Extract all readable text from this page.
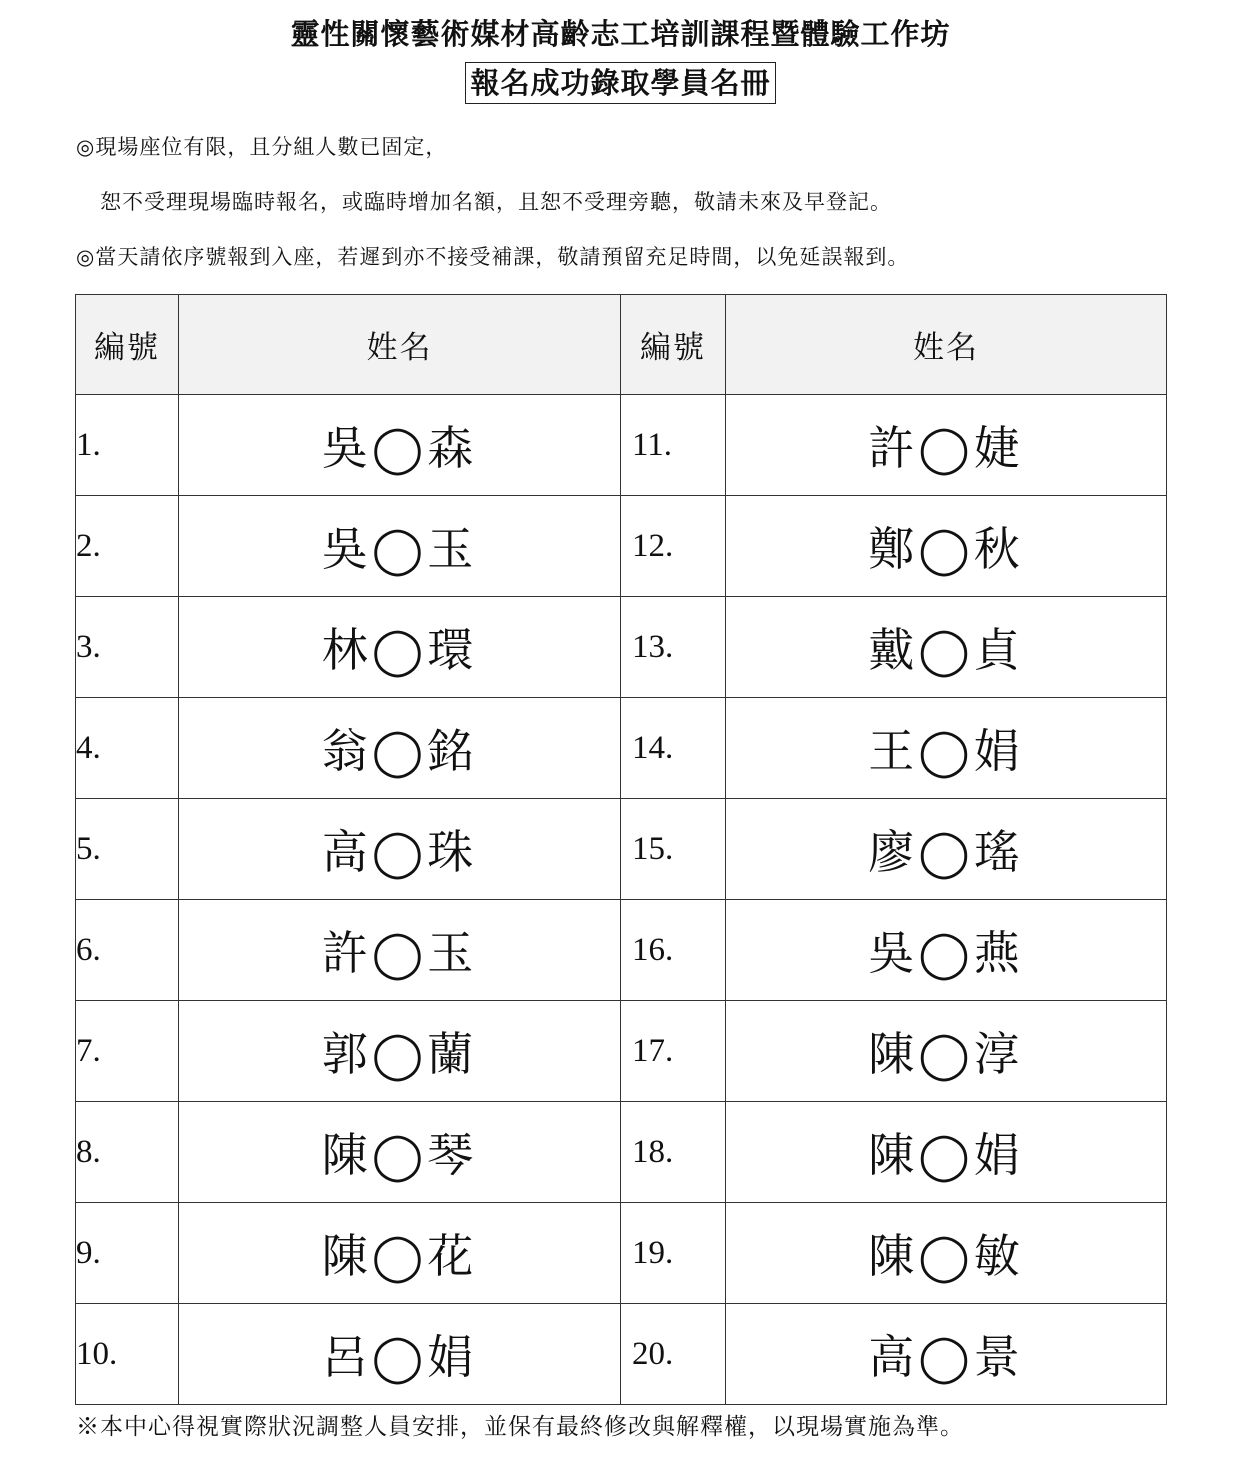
靈性關懷藝術媒材高齡志工培訓課程暨體驗工作坊
報名成功錄取學員名冊
◎現場座位有限，且分組人數已固定，
恕不受理現場臨時報名，或臨時增加名額，且恕不受理旁聽，敬請未來及早登記。
◎當天請依序號報到入座，若遲到亦不接受補課，敬請預留充足時間，以免延誤報到。
編號	姓名	編號	姓名
1.	吳◯森	11.	許◯婕
2.	吳◯玉	12.	鄭◯秋
3.	林◯環	13.	戴◯貞
4.	翁◯銘	14.	王◯娟
5.	高◯珠	15.	廖◯瑤
6.	許◯玉	16.	吳◯燕
7.	郭◯蘭	17.	陳◯淳
8.	陳◯琴	18.	陳◯娟
9.	陳◯花	19.	陳◯敏
10.	呂◯娟	20.	高◯景
※本中心得視實際狀況調整人員安排，並保有最終修改與解釋權，以現場實施為準。
